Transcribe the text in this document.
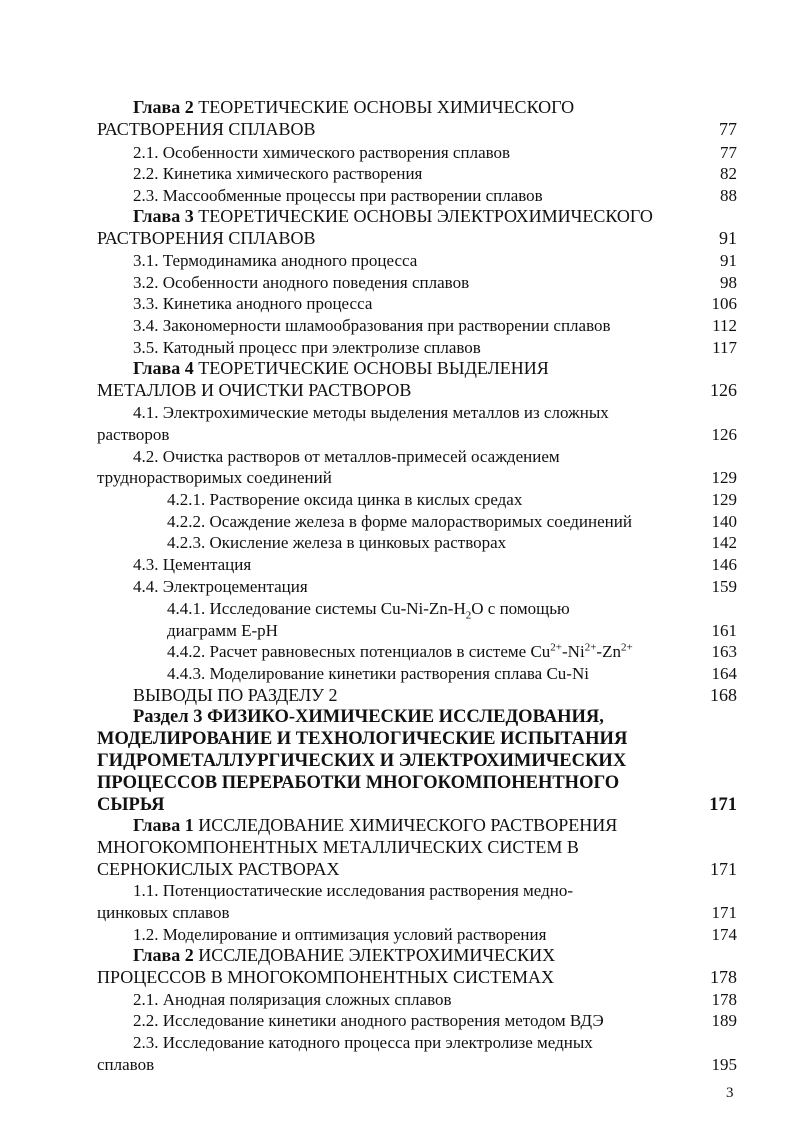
Глава 2 ТЕОРЕТИЧЕСКИЕ ОСНОВЫ ХИМИЧЕСКОГО
РАСТВОРЕНИЯ СПЛАВОВ	77
2.1. Особенности химического растворения сплавов	77
2.2. Кинетика химического растворения	82
2.3. Массообменные процессы при растворении сплавов	88
Глава 3 ТЕОРЕТИЧЕСКИЕ ОСНОВЫ ЭЛЕКТРОХИМИЧЕСКОГО
РАСТВОРЕНИЯ СПЛАВОВ	91
3.1. Термодинамика анодного процесса	91
3.2. Особенности анодного поведения сплавов	98
3.3. Кинетика анодного процесса	106
3.4. Закономерности шламообразования при растворении сплавов	112
3.5. Катодный процесс при электролизе сплавов	117
Глава 4 ТЕОРЕТИЧЕСКИЕ ОСНОВЫ ВЫДЕЛЕНИЯ
МЕТАЛЛОВ И ОЧИСТКИ РАСТВОРОВ	126
4.1. Электрохимические методы выделения металлов из сложных
растворов	126
4.2. Очистка растворов от металлов-примесей осаждением
труднорастворимых соединений	129
4.2.1. Растворение оксида цинка в кислых средах	129
4.2.2. Осаждение железа в форме малорастворимых соединений	140
4.2.3. Окисление железа в цинковых растворах	142
4.3. Цементация	146
4.4. Электроцементация	159
4.4.1. Исследование системы $Cu-Ni-Zn-H_2O$ с помощью
диаграмм E-pH	161
4.4.2. Расчет равновесных потенциалов в системе $Cu^{2+}-Ni^{2+}-Zn^{2+}$	163
4.4.3. Моделирование кинетики растворения сплава Cu-Ni	164
ВЫВОДЫ ПО РАЗДЕЛУ 2	168
Раздел 3 ФИЗИКО-ХИМИЧЕСКИЕ ИССЛЕДОВАНИЯ,
МОДЕЛИРОВАНИЕ И ТЕХНОЛОГИЧЕСКИЕ ИСПЫТАНИЯ
ГИДРОМЕТАЛЛУРГИЧЕСКИХ И ЭЛЕКТРОХИМИЧЕСКИХ
ПРОЦЕССОВ ПЕРЕРАБОТКИ МНОГОКОМПОНЕНТНОГО
СЫРЬЯ	171
Глава 1 ИССЛЕДОВАНИЕ ХИМИЧЕСКОГО РАСТВОРЕНИЯ
МНОГОКОМПОНЕНТНЫХ МЕТАЛЛИЧЕСКИХ СИСТЕМ В
СЕРНОКИСЛЫХ РАСТВОРАХ	171
1.1. Потенциостатические исследования растворения медно-
цинковых сплавов	171
1.2. Моделирование и оптимизация условий растворения	174
Глава 2 ИССЛЕДОВАНИЕ ЭЛЕКТРОХИМИЧЕСКИХ
ПРОЦЕССОВ В МНОГОКОМПОНЕНТНЫХ СИСТЕМАХ	178
2.1. Анодная поляризация сложных сплавов	178
2.2. Исследование кинетики анодного растворения методом ВДЭ	189
2.3. Исследование катодного процесса при электролизе медных
сплавов	195
3
